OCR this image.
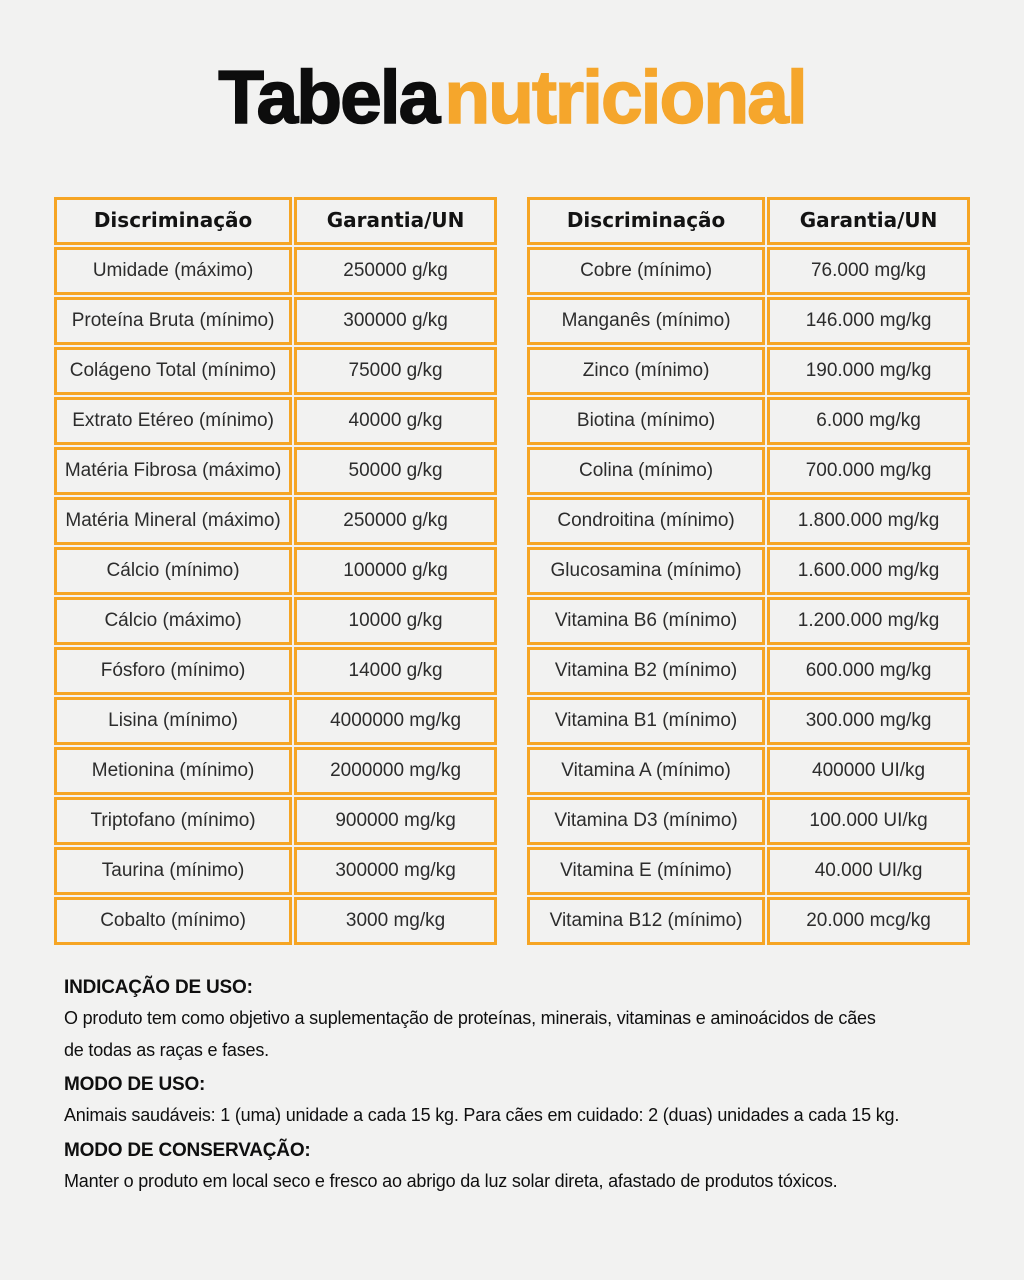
Tabelanutricional
Discriminação	Garantia/UN
Umidade (máximo)	250000 g/kg
Proteína Bruta (mínimo)	300000 g/kg
Colágeno Total (mínimo)	75000 g/kg
Extrato Etéreo (mínimo)	40000 g/kg
Matéria Fibrosa (máximo)	50000 g/kg
Matéria Mineral (máximo)	250000 g/kg
Cálcio (mínimo)	100000 g/kg
Cálcio (máximo)	10000 g/kg
Fósforo (mínimo)	14000 g/kg
Lisina (mínimo)	4000000 mg/kg
Metionina (mínimo)	2000000 mg/kg
Triptofano (mínimo)	900000 mg/kg
Taurina (mínimo)	300000 mg/kg
Cobalto (mínimo)	3000 mg/kg
Discriminação	Garantia/UN
Cobre (mínimo)	76.000 mg/kg
Manganês (mínimo)	146.000 mg/kg
Zinco (mínimo)	190.000 mg/kg
Biotina (mínimo)	6.000 mg/kg
Colina (mínimo)	700.000 mg/kg
Condroitina (mínimo)	1.800.000 mg/kg
Glucosamina (mínimo)	1.600.000 mg/kg
Vitamina B6 (mínimo)	1.200.000 mg/kg
Vitamina B2 (mínimo)	600.000 mg/kg
Vitamina B1 (mínimo)	300.000 mg/kg
Vitamina A (mínimo)	400000 UI/kg
Vitamina D3 (mínimo)	100.000 UI/kg
Vitamina E (mínimo)	40.000 UI/kg
Vitamina B12 (mínimo)	20.000 mcg/kg
INDICAÇÃO DE USO:

O produto tem como objetivo a suplementação de proteínas, minerais, vitaminas e aminoácidos de cães de todas as raças e fases.

MODO DE USO:

Animais saudáveis: 1 (uma) unidade a cada 15 kg. Para cães em cuidado: 2 (duas) unidades a cada 15 kg.

MODO DE CONSERVAÇÃO:

Manter o produto em local seco e fresco ao abrigo da luz solar direta, afastado de produtos tóxicos.
